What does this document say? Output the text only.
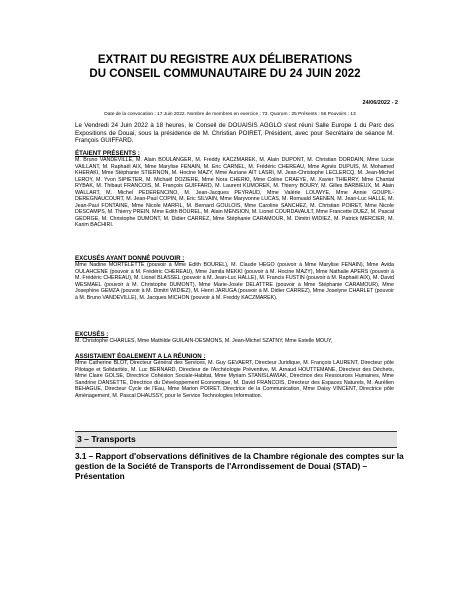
EXTRAIT DU REGISTRE AUX DÉLIBERATIONS
DU CONSEIL COMMUNAUTAIRE DU 24 JUIN 2022
24/06/2022 - 2
Date de la convocation : 17 Juin 2022. Nombre de membres en exercice : 73. Quorum : 25 Présents : 56 Pouvoirs : 13
Le Vendredi 24 Juin 2022 à 18 heures, le Conseil de DOUAISIS AGGLO s'est réuni Salle Europe 1 du Parc des Expositions de Douai, sous la présidence de M. Christian POIRET, Président, avec pour Secrétaire de séance M. François GUIFFARD.
ÉTAIENT PRÉSENTS :
M. Bruno VANDEVILLE, M. Alain BOULANGER, M. Freddy KACZMAREK, M. Alain DUPONT, M. Christian DORDAIN, Mme Lucie VAILLANT, M. Raphaël AIX, Mme Marylise FENAIN, M. Eric CARNEL, M. Frédéric CHEREAU, Mme Agnès DUPUIS, M. Mohamed KHERAKI, Mme Stéphanie STIERNON, M. Hocine MAZY, Mme Auriane AIT LASRI, M. Jean-Christophe LECLERCQ, M. Jean-Michel LEROY, M. Yvon SIPIETER, M. Michaël DOZIERE, Mme Nora CHERKI, Mme Coline CRAEYE, M. Xavier THIERRY, Mme Chantal RYBAK, M. Thibaut FRANCOIS, M. François GUIFFARD, M. Laurent KUMOREK, M. Thierry BOURY, M. Gilles BARBIEUX, M. Alain WALLART, M. Michel PEDERENCINO, M. Jean-Jacques PEYRAUD, Mme Valérie LOUWYE, Mme Annie GOUPIL-DEREGNAUCOURT, M. Jean-Paul COPIN, M. Eric SILVAIN, Mme Maryvonne LUCAS, M. Romuald SAENEN, M. Jean-Luc HALLE, M. Jean-Paul FONTAINE, Mme Nicole MARFIL, M. Bernard GOULOIS, Mme Caroline SANCHEZ, M. Christian POIRET, Mme Nicole DESCAMPS, M. Thierry PREIN, Mme Edith BOUREL, M. Alain MENSION, M. Lionel COURDAVAULT, Mme Francette DUEZ, M. Pascal GEORGE, M. Christophe DUMONT, M. Didier CARREZ, Mme Stéphanie CARAMOUR, M. Dimitri WIDIEZ, M. Patrick MERCIER, M. Karim BACHIRI.
EXCUSÉS AYANT DONNÉ POUVOIR :
Mme Nadine MORTELETTE (pouvoir à Mme Edith BOUREL), M. Claude HEGO (pouvoir à Mme Marylise FENAIN), Mme Avida OULAHCENE (pouvoir à M. Frédéric CHEREAU), Mme Jamila MEKKI (pouvoir à M. Hocine MAZY), Mme Nathalie APERS (pouvoir à M. Frédéric CHEREAU), M. Lionel BLASSEL (pouvoir à M. Jean-Luc HALLE), M. Francis FUSTIN (pouvoir à M. Raphaël AIX), M. David WESMAEL (pouvoir à M. Christophe DUMONT), Mme Marie-Josée DELATTRE (pouvoir à Mme Stéphanie CARAMOUR), Mme Josephine GEMZA (pouvoir à M. Dimitri WIDIEZ), M. Henri JARUGA (pouvoir à M. Didier CARREZ), Mme Joselyne CHARLET (pouvoir à M. Bruno VANDEVILLE), M. Jacques MICHON (pouvoir à M. Freddy KACZMAREK).
EXCUSÉS :
M. Christophe CHARLES, Mme Mathilde GUILAIN-DESMONS, M. Jean-Michel SZATNY, Mme Estelle MOUY,
ASSISTAIENT ÉGALEMENT A LA RÉUNION :
Mme Catherine BLOT, Directeur Général des Services, M. Guy GEVAERT, Directeur Juridique, M. François LAURENT, Directeur pôle Pilotage et Solidarités, M. Luc BERNARD, Directeur de l'Archéologie Préventive, M. Arnaud HOUTTEMANE, Directeur des Déchets, Mme Claire GOLSE, Directrice Cohésion Sociale-Habitat, Mme Myriam STANISLAWIAK, Directrice des Ressources Humaines, Mme Sandrine DANSETTE, Directrice du Développement Economique, M. David FRANCOIS, Directeur des Espaces Naturels, M. Aurélien BEHAGUE, Directeur Cycle de l'Eau, Mme Marion POIRET, Directrice de la Communication, Mme Daisy VINCENT, Directrice pôle Aménagement, M. Pascal DHAUSSY, pour le Service Technologies Information.
3 – Transports
3.1 – Rapport d'observations définitives de la Chambre régionale des comptes sur la gestion de la Société de Transports de l'Arrondissement de Douai (STAD) – Présentation
